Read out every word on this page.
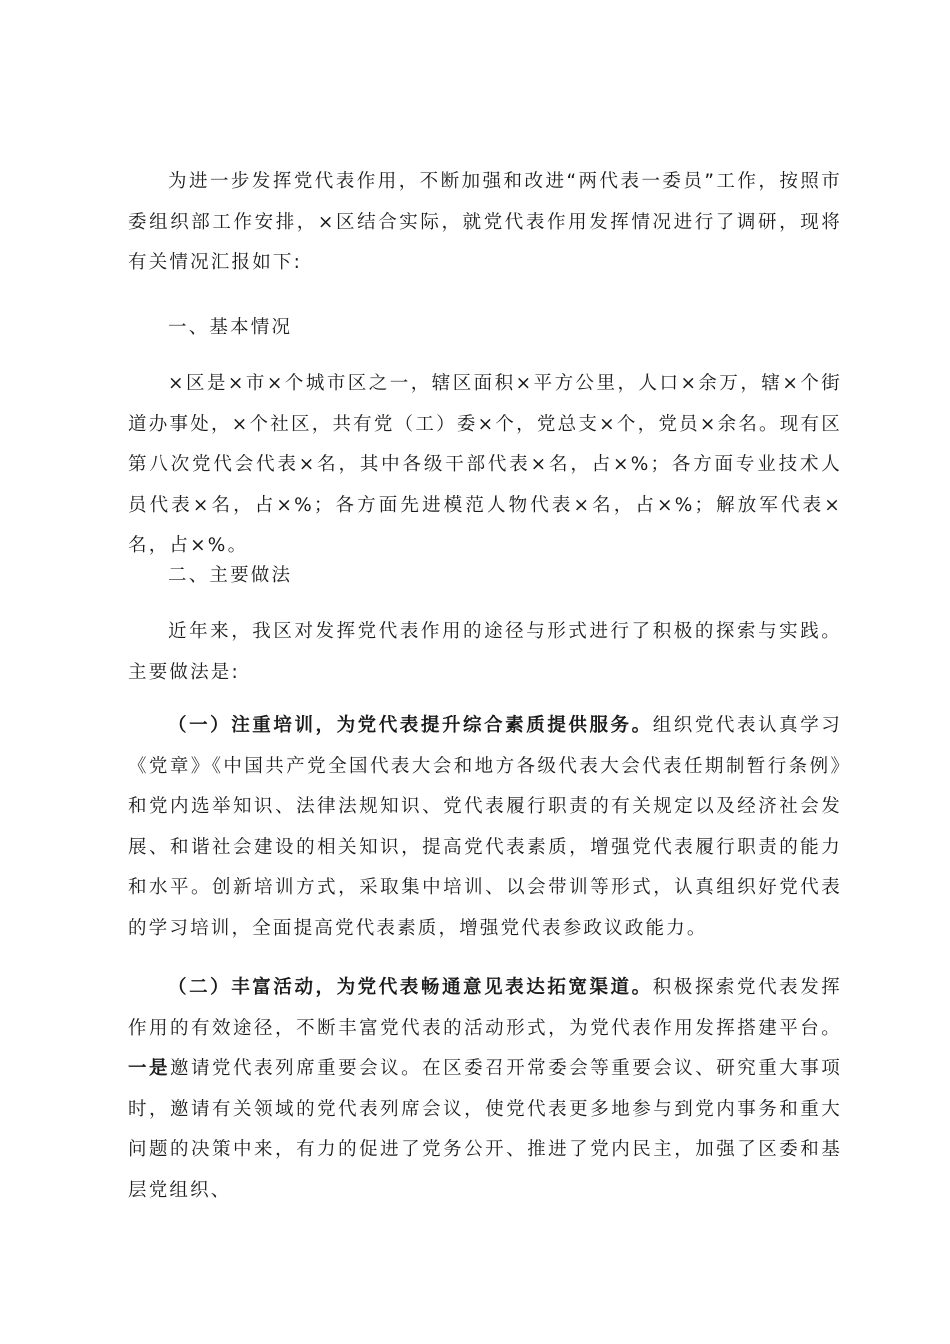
为进一步发挥党代表作用，不断加强和改进“两代表一委员”工作，按照市委组织部工作安排，×区结合实际，就党代表作用发挥情况进行了调研，现将有关情况汇报如下:

一、基本情况

×区是×市×个城市区之一，辖区面积×平方公里，人口×余万，辖×个街道办事处，×个社区，共有党（工）委×个，党总支×个，党员×余名。现有区第八次党代会代表×名，其中各级干部代表×名，占×%；各方面专业技术人员代表×名，占×%；各方面先进模范人物代表×名，占×%；解放军代表×名，占×%。

二、主要做法

近年来，我区对发挥党代表作用的途径与形式进行了积极的探索与实践。主要做法是:

（一）注重培训，为党代表提升综合素质提供服务。组织党代表认真学习《党章》《中国共产党全国代表大会和地方各级代表大会代表任期制暂行条例》和党内选举知识、法律法规知识、党代表履行职责的有关规定以及经济社会发展、和谐社会建设的相关知识，提高党代表素质，增强党代表履行职责的能力和水平。创新培训方式，采取集中培训、以会带训等形式，认真组织好党代表的学习培训，全面提高党代表素质，增强党代表参政议政能力。

（二）丰富活动，为党代表畅通意见表达拓宽渠道。积极探索党代表发挥作用的有效途径，不断丰富党代表的活动形式，为党代表作用发挥搭建平台。一是邀请党代表列席重要会议。在区委召开常委会等重要会议、研究重大事项时，邀请有关领域的党代表列席会议，使党代表更多地参与到党内事务和重大问题的决策中来，有力的促进了党务公开、推进了党内民主，加强了区委和基层党组织、
